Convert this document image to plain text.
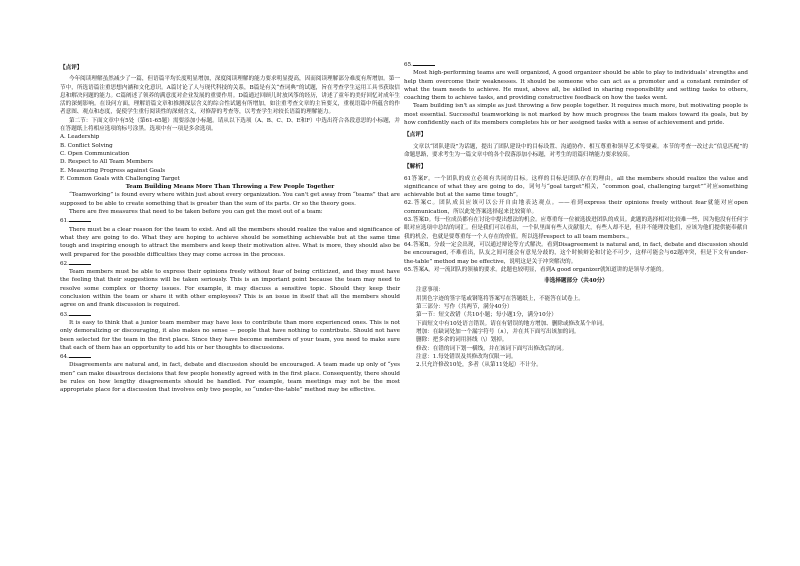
【点评】

今年阅读理解虽然减少了一篇，但语篇平均长度明显增加，深度阅读理解的能力要求明显提高，因而阅读理解部分难度有所增加。第一节中，所选语篇注重思想内涵和文化意识。A篇讨论了人与现代科技的关系，B篇是有关“查词典”的试题，旨在考查学生运用工具书获取信息和解决问题的能力。C篇阐述了领养的满意度对企业发展的重要作用。D篇通过回顾儿时放风筝的经历，讲述了童年的美好回忆对成年生活的深刻影响。在设问方面，理解语篇文章和推测深层含义的综合性试题有所增加，如注重考查文章的主旨要义，重视语篇中所蕴含的作者意图、观点和态度，促使学生重行阅读性的深刻含义，对修辞的考查等，以考查学生对较长语篇的理解能力。

第二节：下面文章中有5处（第61-65题）需要添加小标题。请从以下选项（A、B、C、D、E和F）中选出符合各段意思的小标题，并在答题纸上将相应选项的标号涂黑。选项中有一项是多余选项。

A. Leadership

B. Conflict Solving

C. Open Communication

D. Respect to All Team Members

E. Measuring Progress against Goals

F. Common Goals with Challenging Target

Team Building Means More Than Throwing a Few People Together

“Teamworking” is found every where within just about every organization. You can't get away from “teams” that are supposed to be able to create something that is greater than the sum of its parts. Or so the theory goes.

There are five measures that need to be taken before you can get the most out of a team:

61.

There must be a clear reason for the team to exist. And all the members should realize the value and significance of what they are going to do. What they are hoping to achieve should be something achievable but at the same time tough and inspiring enough to attract the members and keep their motivation alive. What is more, they should also be well prepared for the possible difficulties they may come across in the process.

62.

Team members must be able to express their opinions freely without fear of being criticized, and they must have the feeling that their suggestions will be taken seriously. This is an important point because the team may need to resolve some complex or thorny issues. For example, it may discuss a sensitive topic. Should they keep their conclusion within the team or share it with other employees? This is an issue in itself that all the members should agree on and frank discussion is required.

63.

It is easy to think that a junior team member may have less to contribute than more experienced ones. This is not only demoralizing or discouraging, it also makes no sense — people that have nothing to contribute. Should not have been selected for the team in the first place. Since they have become members of your team, you need to make sure that each of them has an opportunity to add his or her thoughts to discussions.

64.

Disagreements are natural and, in fact, debate and discussion should be encouraged. A team made up only of “yes men” can make disastrous decisions that few people honestly agreed with in the first place. Consequently, there should be rules on how lengthy disagreements should be handled. For example, team meetings may not be the most appropriate place for a discussion that involves only two people, so “under-the-table” method may be effective.

65.

Most high-performing teams are well organized, A good organizer should be able to play to individuals' strengths and help them overcome their weaknesses. It should be someone who can act as a promoter and a constant reminder of what the team needs to achieve. He must, above all, be skilled in sharing responsibility and setting tasks to others, coaching them to achieve tasks, and providing constructive feedback on how the tasks went.

Team building isn't as simple as just throwing a few people together. It requires much more, but motivating people is most essential. Successful teamworking is not marked by how much progress the team makes toward its goals, but by how confidently each of its members completes his or her assigned tasks with a sense of achievement and pride.

【点评】

文章以“团队建设”为话题，提出了团队建设中的目标设置、沟通协作、相互尊重和领导艺术等要素。本节的考查一改过去“信息匹配”的命题思路，要求考生为一篇文章中的各个段落添加小标题，对考生的语篇归纳能力要求较高。

【解析】

61答案F。一个团队的成立必须有共同的目标。这样的目标是团队存在的理由。all the members should realize the value and significance of what they are going to do，词句与“goal target”相关，“common goal, challenging target”“对应something achievable but at the same time tough”。

62.答案C。团队成员应该可以公开自由地表达观点。——看到express their opinions freely without fear就能对应open communication，所以此处答案选择起来比较简单。

63.答案D。每一位成员都有在讨论中提出想法的机会。应尊重每一位被选拔进团队的成员。此题的选择相对比较难一些，因为他没有任何字眼对应选项中总结的词汇。但是我们可以看出，一个队里面有些人贡献很大，有些人却不是，但并不能理没他们，应该为他们提供能奉献自我的机会，也就是要尊重每一个人存在的价值。所以选择respect to all team members.。

64.答案B。分歧一定会出现，可以通过辩论等方式解决。看到Disagreement is natural and, in fact, debate and discussion should be encouraged, 不难看出，队友之间可能会有意见分歧的，这个时候辩论和讨论不可少，这样可能会与62题冲突，但是下文有under-the-table” method may be effective，说明这是关于冲突解决的。

65.答案A。对一流团队的领袖的要求。此题也较明显，看到A good organizer就知道讲的是领导才能的。

非选择题部分（共40分）

注意事项：

用黑色字迹的签字笔或钢笔将答案写在答题纸上，不能答在试卷上。

第三部分：写作（共两节，满分40分）

第一节：短文改错（共10小题；每小题1分，满分10分）

下面短文中有10处语言错误。请在有错误的地方增加、删除或修改某个单词。

增加：在缺词处加一个漏字符号（∧），并在其下面写出该加的词。

删除：把多余的词用斜线（\）划掉。

修改：在错的词下划一横线，并在该词下面写出修改后的词。

注意：1.每处错误及其修改均仅限一词。

2.只允许修改10处，多者（从第11处起）不计分。
